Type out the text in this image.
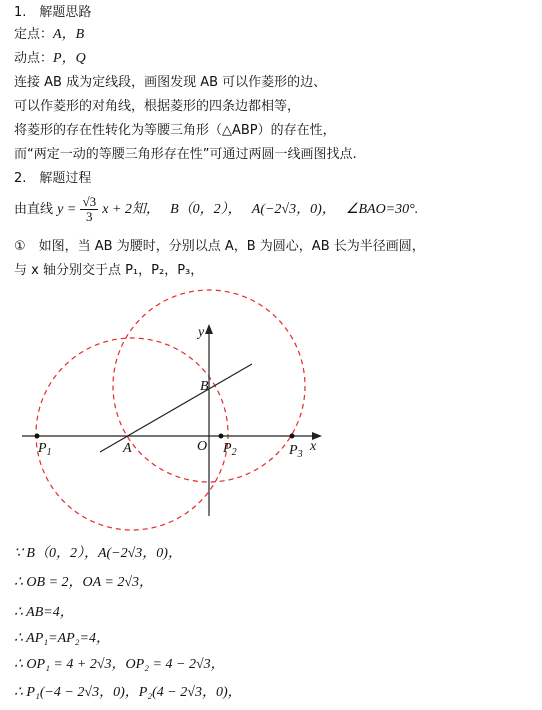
1.　解题思路
定点：A，B
动点：P，Q
连接 AB 成为定线段，画图发现 AB 可以作菱形的边、
可以作菱形的对角线，根据菱形的四条边都相等，
将菱形的存在性转化为等腰三角形（△ABP）的存在性，
而“两定一动的等腰三角形存在性”可通过两圆一线画图找点.
2.　解题过程
由直线 $y = \frac{√3}{3}$ x + 2知， B（0，2）， A(−2√3，0)， ∠BAO=30°.
①　如图，当 AB 为腰时，分别以点 A，B 为圆心，AB 长为半径画圆，
与 x 轴分别交于点 P₁，P₂，P₃，
y
x
B
A	O
$P_1$	$P_2$	$P_3$
∵ B（0，2），A(−2√3，0)，
∴ OB = 2，OA = 2√3，
∴ AB=4，
∴ AP₁=AP₂=4，
∴ OP₁ = 4 + 2√3，OP₂ = 4 − 2√3，
∴ P₁(−4 − 2√3，0)，P₂(4 − 2√3，0)，
